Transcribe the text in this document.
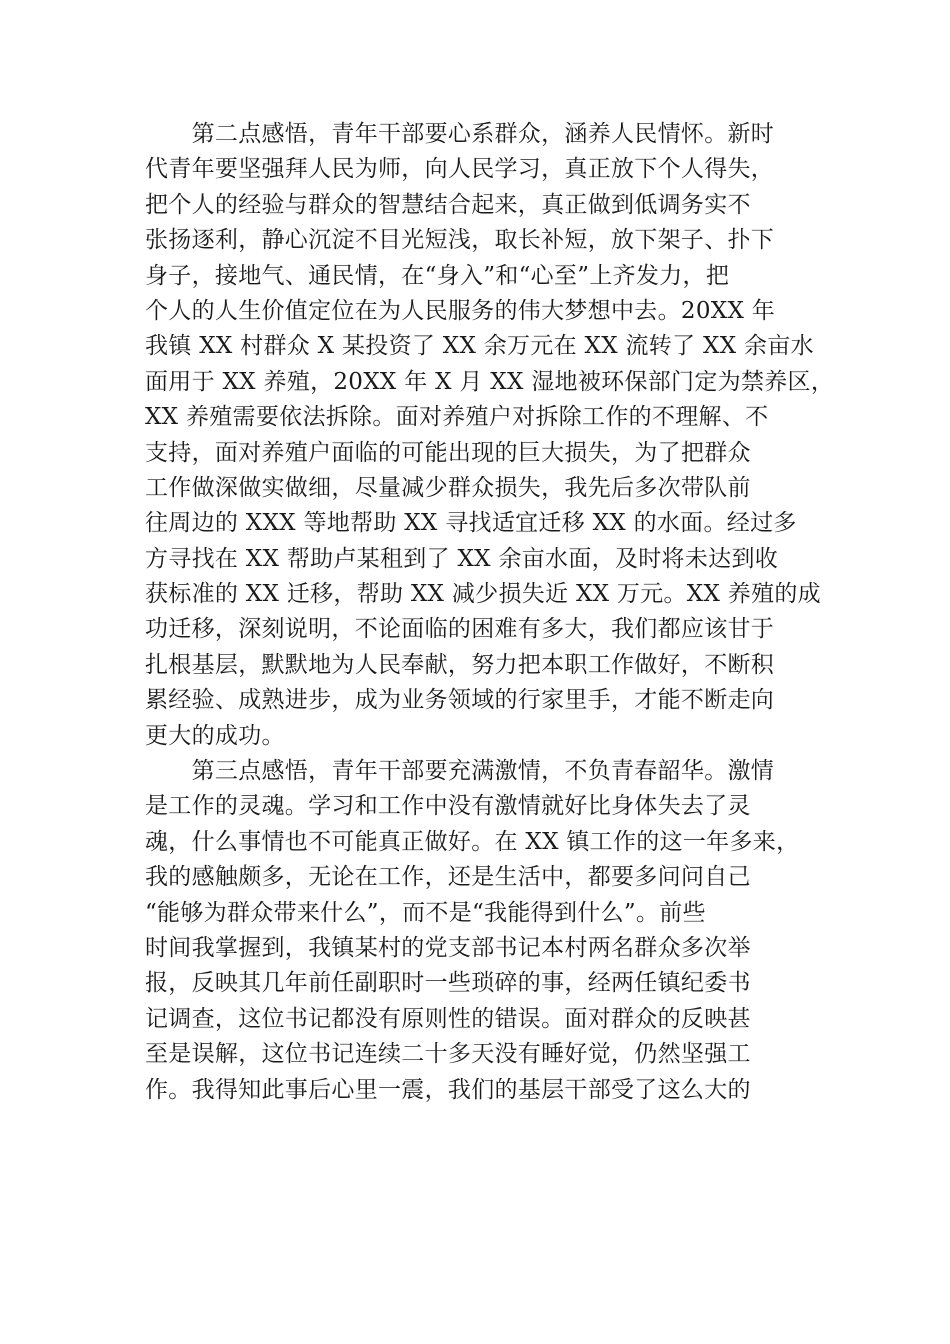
　　第二点感悟，青年干部要心系群众，涵养人民情怀。新时
代青年要坚强拜人民为师，向人民学习，真正放下个人得失，
把个人的经验与群众的智慧结合起来，真正做到低调务实不
张扬逐利，静心沉淀不目光短浅，取长补短，放下架子、扑下
身子，接地气、通民情，在“身入”和“心至”上齐发力，把
个人的人生价值定位在为人民服务的伟大梦想中去。20XX 年
我镇 XX 村群众 X 某投资了 XX 余万元在 XX 流转了 XX 余亩水
面用于 XX 养殖，20XX 年 X 月 XX 湿地被环保部门定为禁养区，
XX 养殖需要依法拆除。面对养殖户对拆除工作的不理解、不
支持，面对养殖户面临的可能出现的巨大损失，为了把群众
工作做深做实做细，尽量减少群众损失，我先后多次带队前
往周边的 XXX 等地帮助 XX 寻找适宜迁移 XX 的水面。经过多
方寻找在 XX 帮助卢某租到了 XX 余亩水面，及时将未达到收
获标准的 XX 迁移，帮助 XX 减少损失近 XX 万元。XX 养殖的成
功迁移，深刻说明，不论面临的困难有多大，我们都应该甘于
扎根基层，默默地为人民奉献，努力把本职工作做好，不断积
累经验、成熟进步，成为业务领域的行家里手，才能不断走向
更大的成功。
　　第三点感悟，青年干部要充满激情，不负青春韶华。激情
是工作的灵魂。学习和工作中没有激情就好比身体失去了灵
魂，什么事情也不可能真正做好。在 XX 镇工作的这一年多来，
我的感触颇多，无论在工作，还是生活中，都要多问问自己
“能够为群众带来什么”，而不是“我能得到什么”。前些
时间我掌握到，我镇某村的党支部书记本村两名群众多次举
报，反映其几年前任副职时一些琐碎的事，经两任镇纪委书
记调查，这位书记都没有原则性的错误。面对群众的反映甚
至是误解，这位书记连续二十多天没有睡好觉，仍然坚强工
作。我得知此事后心里一震，我们的基层干部受了这么大的
